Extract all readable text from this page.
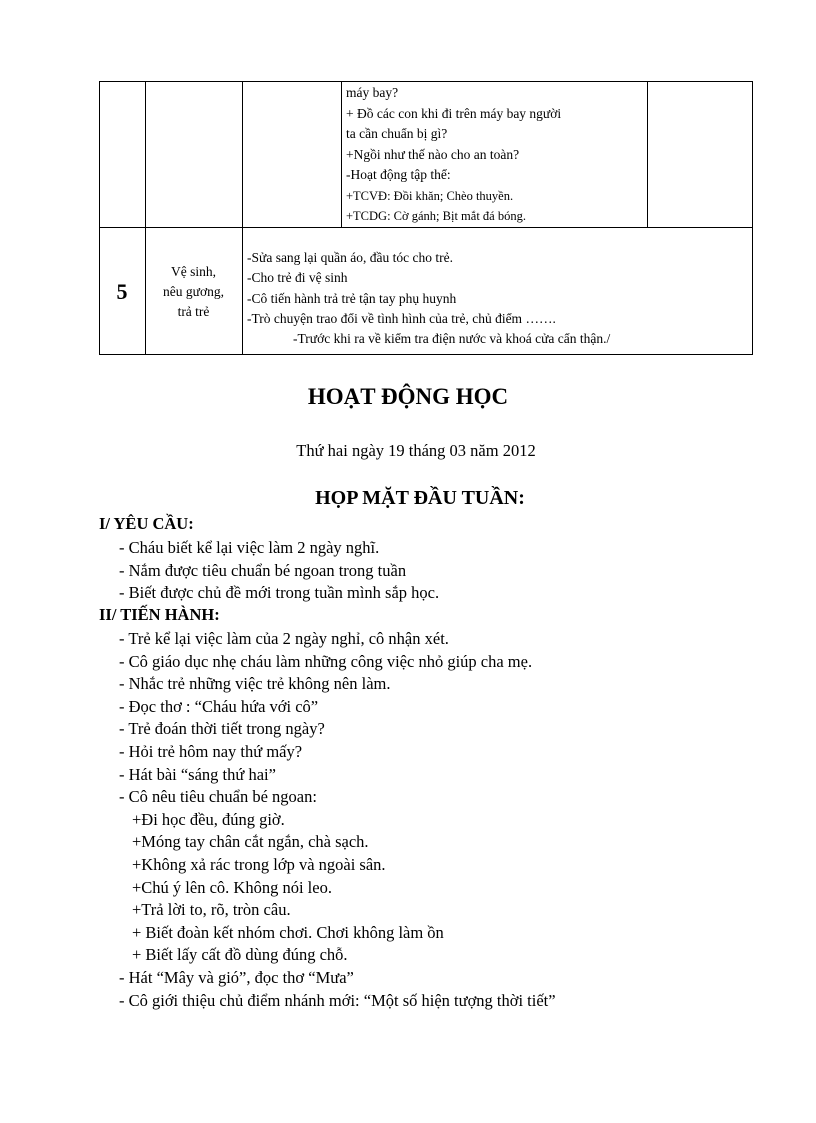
máy bay?
+ Đồ các con khi đi trên máy bay người
ta cần chuẩn bị gì?
+Ngồi như thế nào cho an toàn?
-Hoạt động tập thể:
+TCVĐ: Đồi khăn; Chèo thuyền.
+TCDG: Cờ gánh; Bịt mắt đá bóng.
5
Vệ sinh,
nêu gương,
trả trẻ
-Sửa sang lại quần áo, đầu tóc cho trẻ.
-Cho trẻ đi vệ sinh
-Cô tiến hành trả trẻ tận tay phụ huynh
-Trò chuyện trao đổi về tình hình của trẻ, chủ điểm …….
-Trước khi ra về kiểm tra điện nước và khoá cửa cẩn thận./
HOẠT ĐỘNG HỌC
Thứ hai ngày 19 tháng 03 năm 2012
HỌP MẶT ĐẦU TUẦN:
I/ YÊU CẦU:
- Cháu biết kể lại việc làm 2 ngày nghĩ.
- Nắm được tiêu chuẩn bé ngoan trong tuần
- Biết được chủ đề mới trong tuần mình sắp học.
II/ TIẾN HÀNH:
- Trẻ kể lại việc làm của 2 ngày nghỉ, cô nhận xét.
- Cô giáo dục nhẹ cháu làm những công việc nhỏ giúp cha mẹ.
- Nhắc trẻ những việc trẻ không nên làm.
- Đọc thơ : “Cháu hứa với cô”
- Trẻ đoán thời tiết trong ngày?
- Hỏi trẻ hôm nay thứ mấy?
- Hát bài “sáng thứ hai”
- Cô nêu tiêu chuẩn bé ngoan:
+Đi học đều, đúng giờ.
+Móng tay chân cắt ngắn, chà sạch.
+Không xả rác trong lớp và ngoài sân.
+Chú ý lên cô. Không nói leo.
+Trả lời to, rõ, tròn câu.
+ Biết đoàn kết nhóm chơi. Chơi không làm ồn
+ Biết lấy cất đồ dùng đúng chỗ.
- Hát “Mây và gió”, đọc thơ “Mưa”
- Cô giới thiệu chủ điểm nhánh mới: “Một số hiện tượng thời tiết”
